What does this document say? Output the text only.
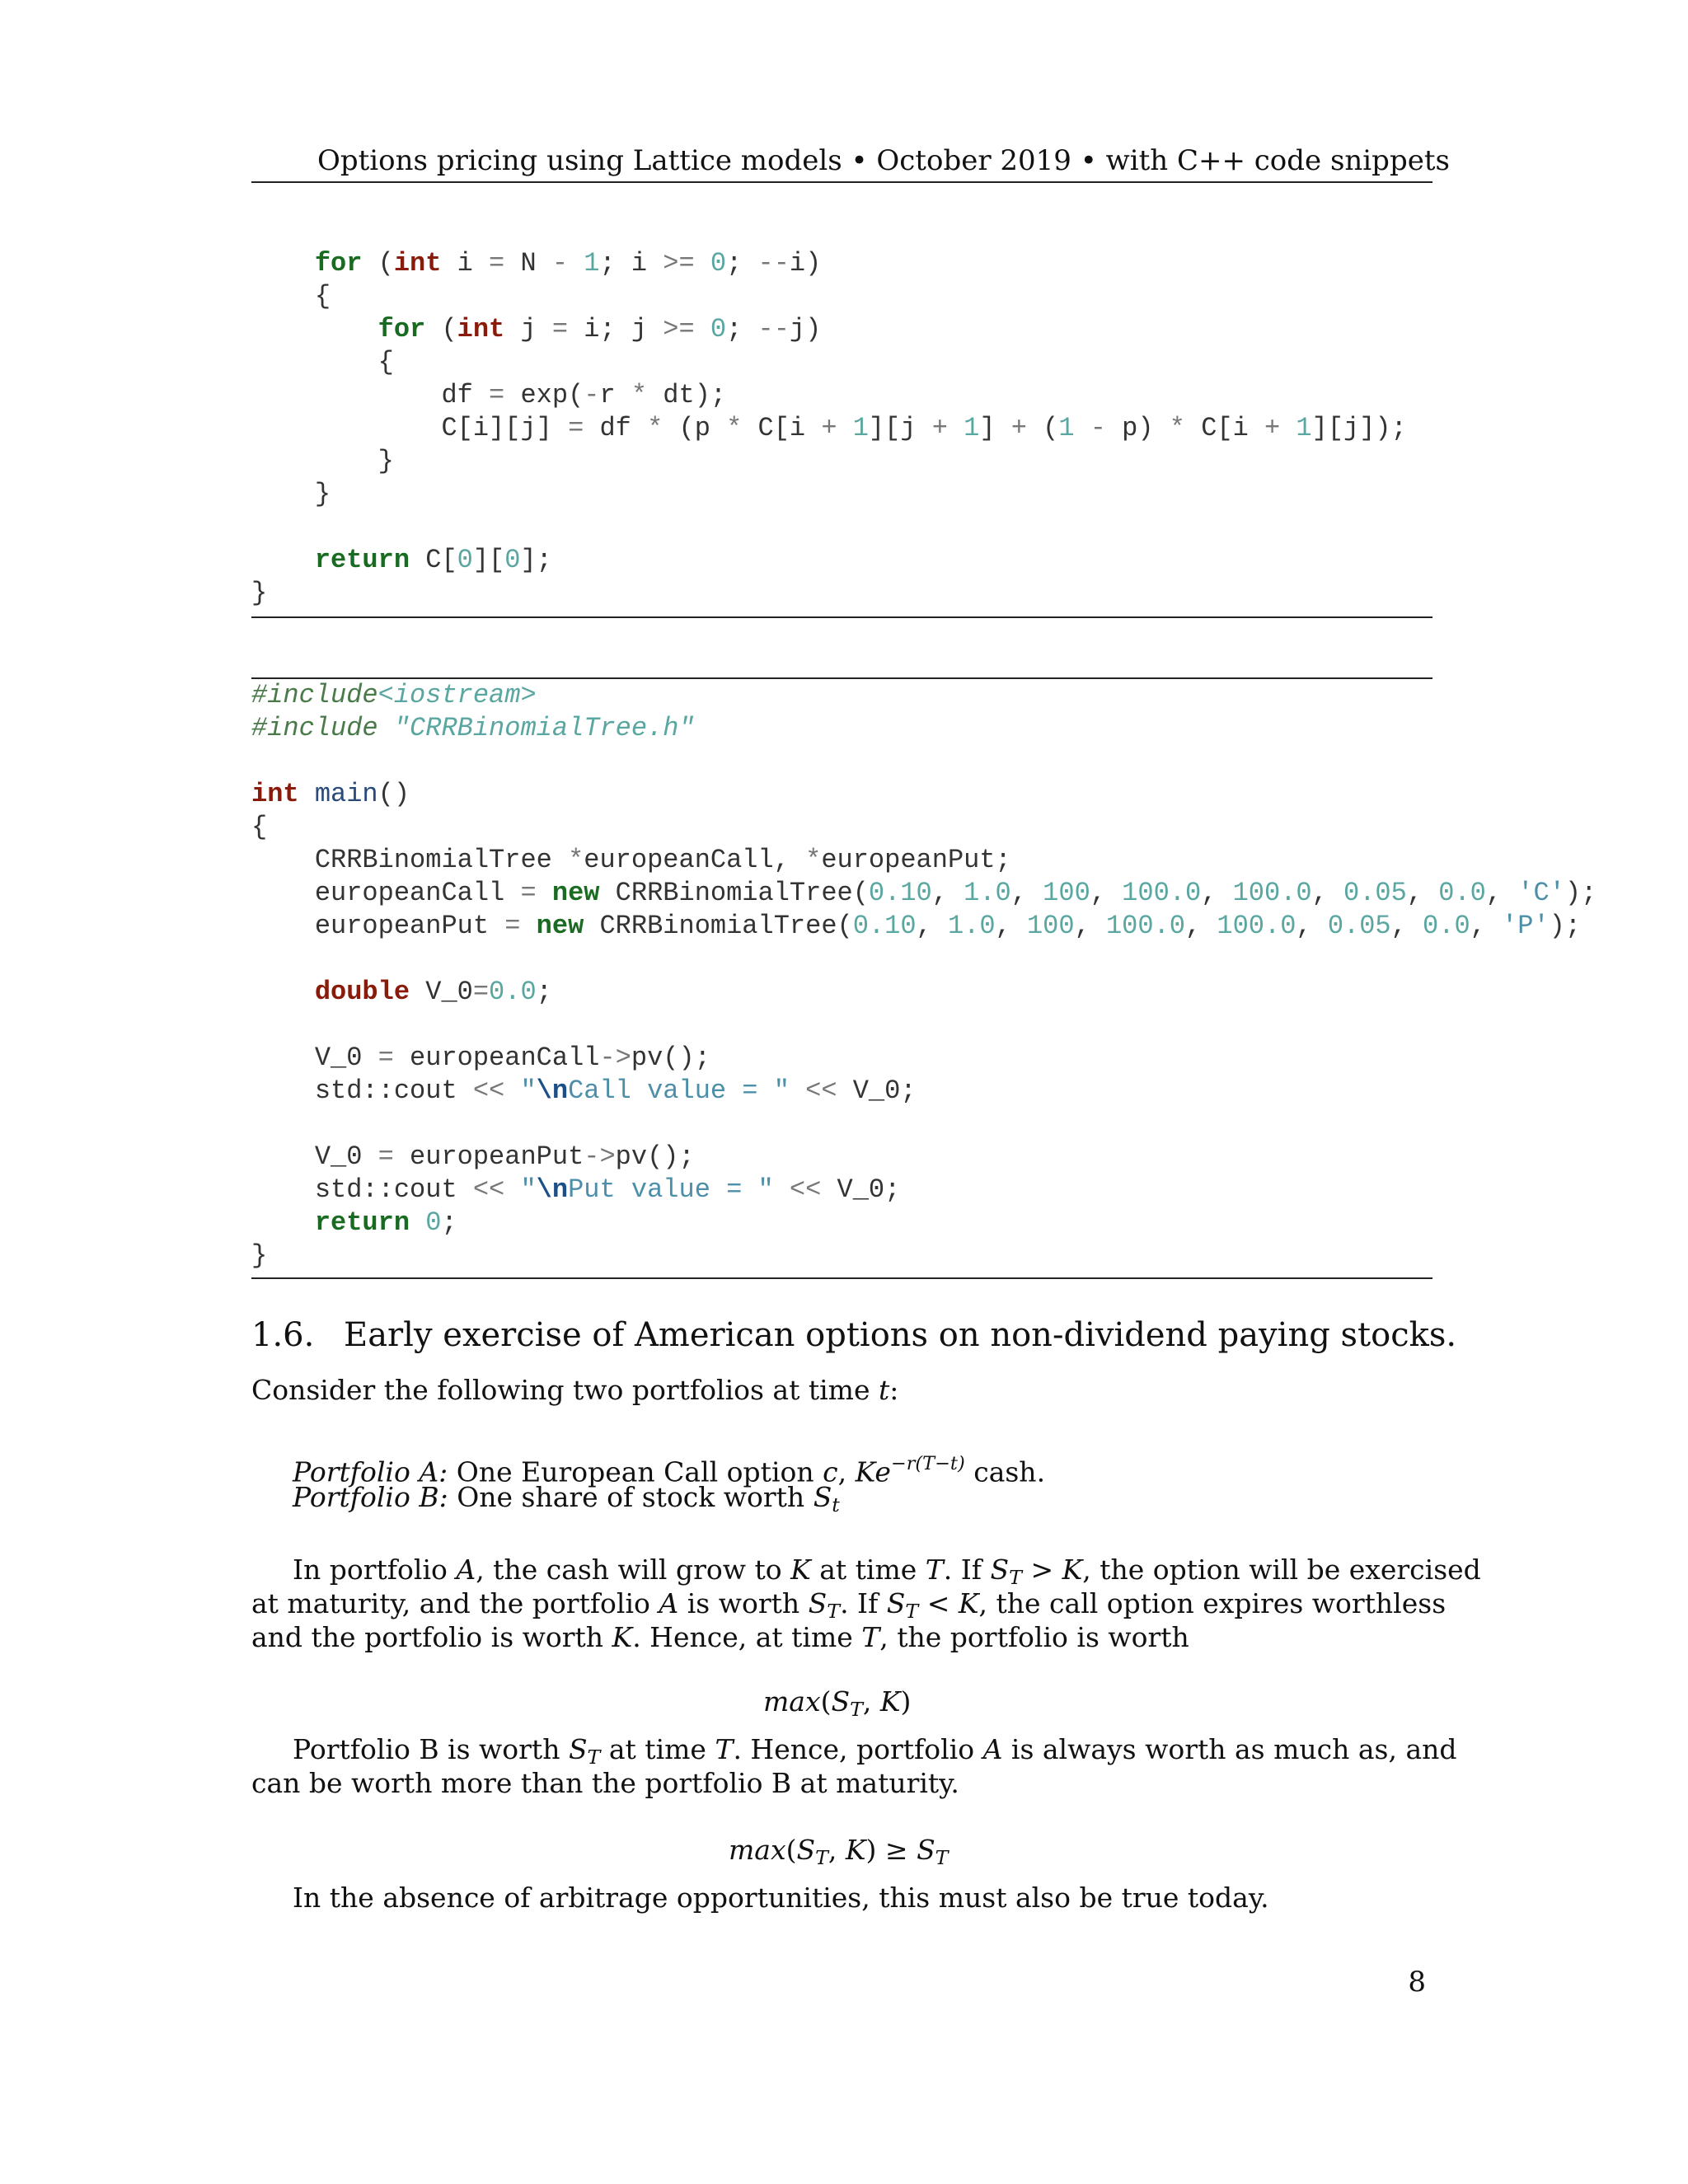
Options pricing using Lattice models • October 2019 • with C++ code snippets
for (int i = N - 1; i >= 0; --i)
{
for (int j = i; j >= 0; --j)
{
df = exp(-r * dt);
C[i][j] = df * (p * C[i + 1][j + 1] + (1 - p) * C[i + 1][j]);
}
}
return C[0][0];
}
#include<iostream>
#include "CRRBinomialTree.h"
int main()
{
CRRBinomialTree *europeanCall, *europeanPut;
europeanCall = new CRRBinomialTree(0.10, 1.0, 100, 100.0, 100.0, 0.05, 0.0, 'C');
europeanPut = new CRRBinomialTree(0.10, 1.0, 100, 100.0, 100.0, 0.05, 0.0, 'P');
double V_0=0.0;
V_0 = europeanCall->pv();
std::cout << "\nCall value = " << V_0;
V_0 = europeanPut->pv();
std::cout << "\nPut value = " << V_0;
return 0;
}
1.6. Early exercise of American options on non-dividend paying stocks.
Consider the following two portfolios at time t:
Portfolio A: One European Call option c, $Ke^{-r(T-t)}$ cash.
Portfolio B: One share of stock worth $S_t$
In portfolio A, the cash will grow to K at time T. If $S_T > K$, the option will be exercised
at maturity, and the portfolio A is worth $S_T$. If $S_T < K$, the call option expires worthless
and the portfolio is worth K. Hence, at time T, the portfolio is worth
$\max(S_T$, K)
Portfolio B is worth $S_T$ at time T. Hence, portfolio A is always worth as much as, and
can be worth more than the portfolio B at maturity.
$\max(S_T$, $K) \ge S_T$
In the absence of arbitrage opportunities, this must also be true today.
8
